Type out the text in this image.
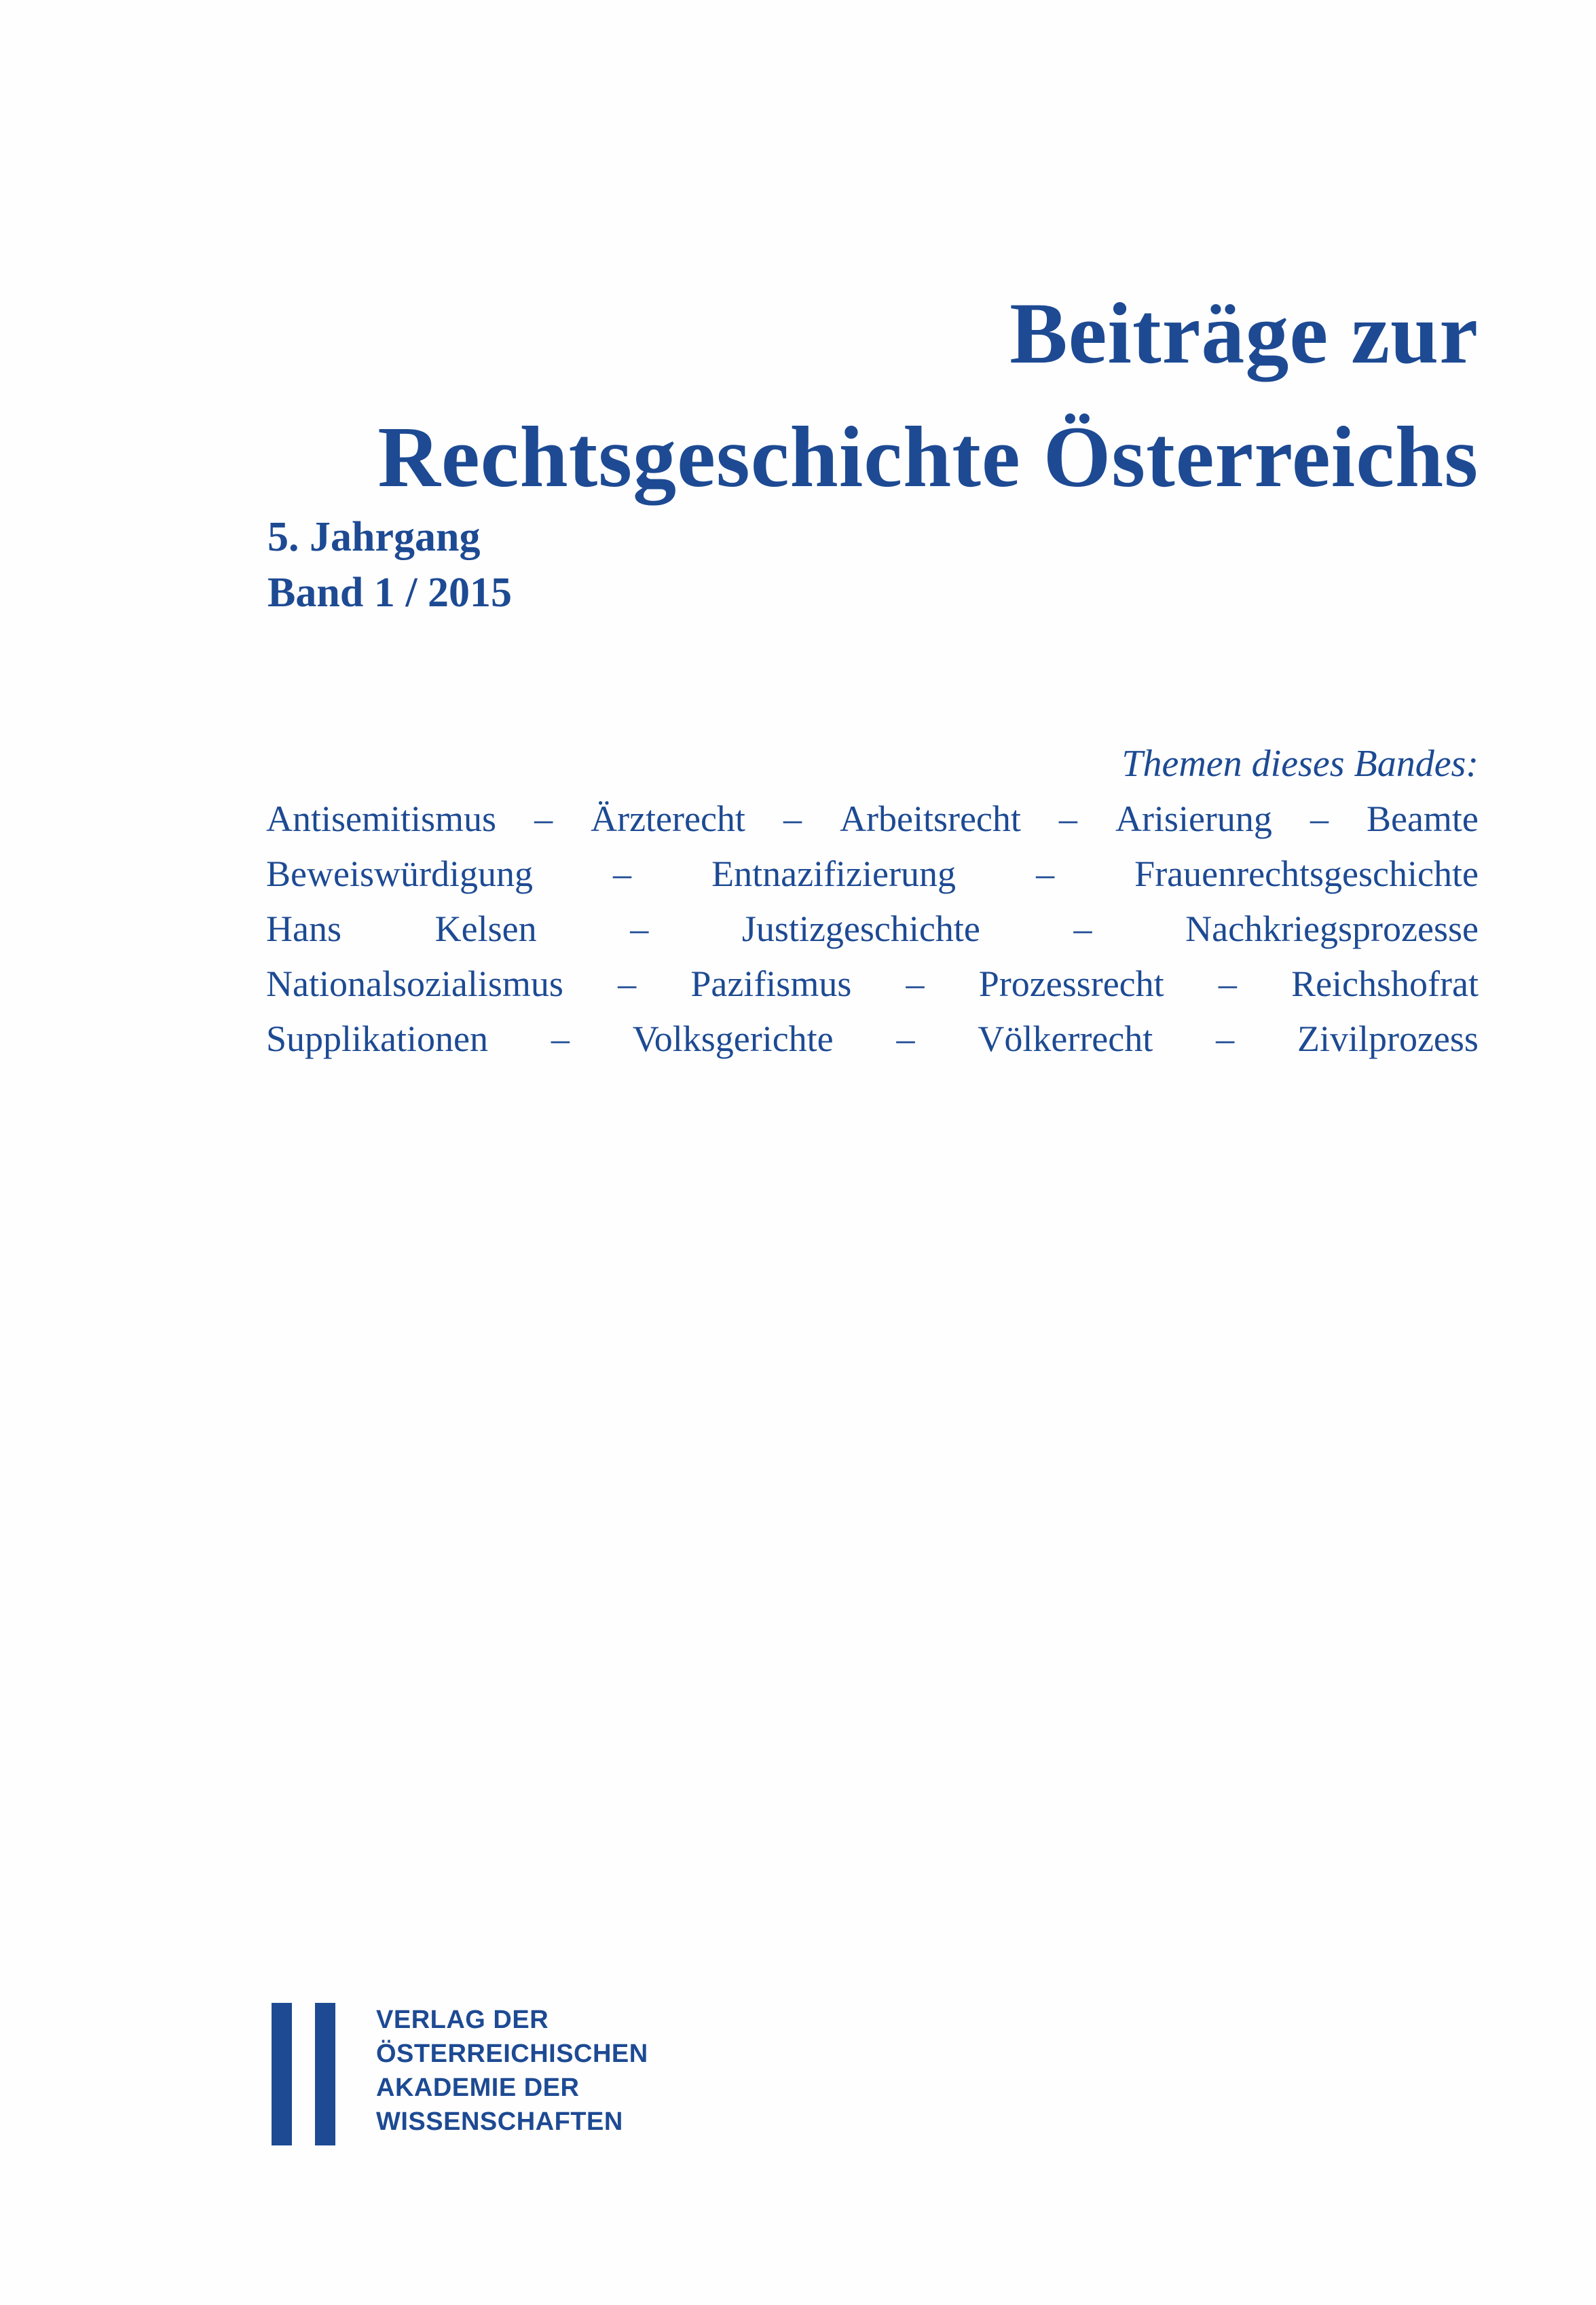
Beiträge zur
Rechtsgeschichte Österreichs
5. Jahrgang
Band 1 / 2015
Themen dieses Bandes:
Antisemitismus – Ärzterecht – Arbeitsrecht – Arisierung – Beamte
Beweiswürdigung – Entnazifizierung – Frauenrechtsgeschichte
Hans	Kelsen	–	Justizgeschichte	–	Nachkriegsprozesse
Nationalsozialismus – Pazifismus – Prozessrecht – Reichshofrat
Supplikationen – Volksgerichte – Völkerrecht – Zivilprozess
VERLAG DER
ÖSTERREICHISCHEN
AKADEMIE DER
WISSENSCHAFTEN
